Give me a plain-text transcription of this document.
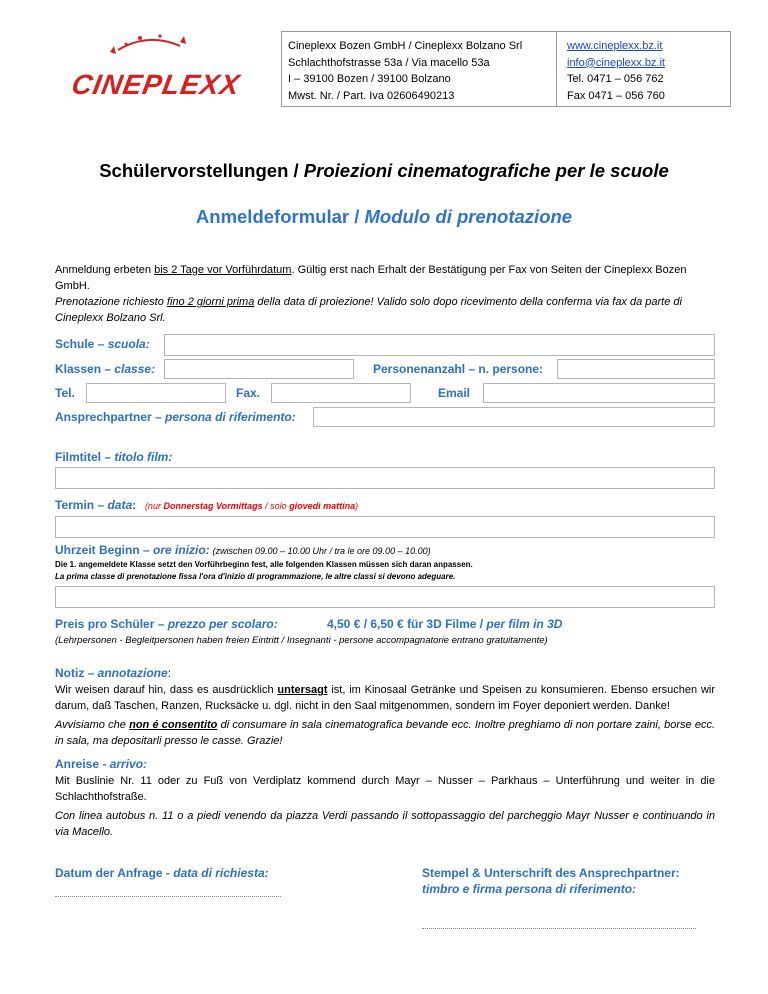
CINEPLEXX
Cineplexx Bozen GmbH / Cineplexx Bolzano Srl
Schlachthofstrasse 53a / Via macello 53a
I – 39100 Bozen / 39100 Bolzano
Mwst. Nr. / Part. Iva 02606490213
www.cineplexx.bz.it
info@cineplexx.bz.it
Tel. 0471 – 056 762
Fax 0471 – 056 760
Schülervorstellungen / Proiezioni cinematografiche per le scuole
Anmeldeformular / Modulo di prenotazione
Anmeldung erbeten bis 2 Tage vor Vorführdatum. Gültig erst nach Erhalt der Bestätigung per Fax von Seiten der Cineplexx Bozen GmbH.
Prenotazione richiesto fino 2 giorni prima della data di proiezione! Valido solo dopo ricevimento della conferma via fax da parte di Cineplexx Bolzano Srl.
Schule – scuola:
Klassen – classe:	Personenanzahl – n. persone:
Tel.	Fax.	Email
Ansprechpartner – persona di riferimento:
Filmtitel – titolo film:
Termin – data: (nur Donnerstag Vormittags / solo giovedì mattina)
Uhrzeit Beginn – ore inizio: (zwischen 09.00 – 10.00 Uhr / tra le ore 09.00 – 10.00)
Die 1. angemeldete Klasse setzt den Vorführbeginn fest, alle folgenden Klassen müssen sich daran anpassen.
La prima classe di prenotazione fissa l'ora d'inizio di programmazione, le altre classi si devono adeguare.
Preis pro Schüler – prezzo per scolaro:	4,50 € / 6,50 € für 3D Filme / per film in 3D
(Lehrpersonen - Begleitpersonen haben freien Eintritt / Insegnanti - persone accompagnatorie entrano gratuitamente)
Notiz – annotazione:
Wir weisen darauf hin, dass es ausdrücklich untersagt ist, im Kinosaal Getränke und Speisen zu konsumieren. Ebenso ersuchen wir darum, daß Taschen, Ranzen, Rucksäcke u. dgl. nicht in den Saal mitgenommen, sondern im Foyer deponiert werden. Danke!
Avvisiamo che non é consentito di consumare in sala cinematografica bevande ecc. Inoltre preghiamo di non portare zaini, borse ecc. in sala, ma depositarli presso le casse. Grazie!
Anreise - arrivo:
Mit Buslinie Nr. 11 oder zu Fuß von Verdiplatz kommend durch Mayr – Nusser – Parkhaus – Unterführung und weiter in die Schlachthofstraße.
Con linea autobus n. 11 o a piedi venendo da piazza Verdi passando il sottopassaggio del parcheggio Mayr Nusser e continuando in via Macello.
Datum der Anfrage - data di richiesta:	Stempel & Unterschrift des Ansprechpartner:
timbro e firma persona di riferimento:
